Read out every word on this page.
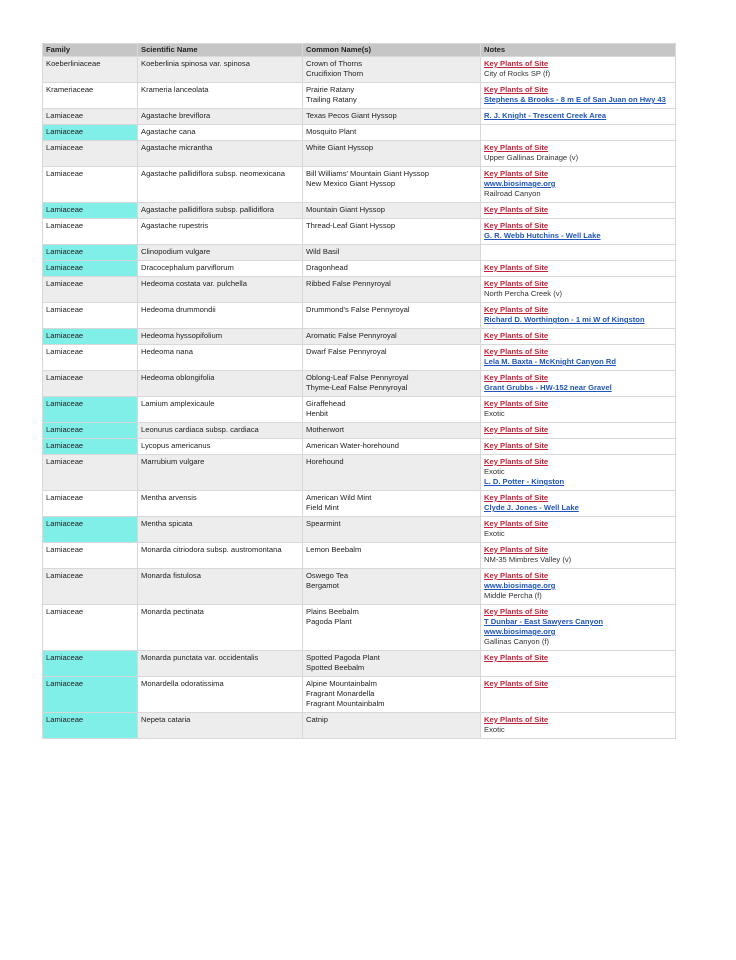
Family	Scientific Name	Common Name(s)	Notes
Koeberliniaceae	Koeberlinia spinosa var. spinosa	Crown of Thorns
Crucifixion Thorn	Key Plants of Site
City of Rocks SP (f)

Krameriaceae	Krameria lanceolata	Prairie Ratany
Trailing Ratany	Key Plants of Site
Stephens & Brooks - 8 m E of San Juan on Hwy 43

Lamiaceae	Agastache breviflora	Texas Pecos Giant Hyssop	R. J. Knight - Trescent Creek Area

Lamiaceae	Agastache cana	Mosquito Plant	

Lamiaceae	Agastache micrantha	White Giant Hyssop	Key Plants of Site
Upper Gallinas Drainage (v)

Lamiaceae	Agastache pallidiflora subsp. neomexicana	Bill Williams' Mountain Giant Hyssop
New Mexico Giant Hyssop	Key Plants of Site
www.biosimage.org
Railroad Canyon

Lamiaceae	Agastache pallidiflora subsp. pallidiflora	Mountain Giant Hyssop	Key Plants of Site

Lamiaceae	Agastache rupestris	Thread-Leaf Giant Hyssop	Key Plants of Site
G. R. Webb Hutchins - Well Lake

Lamiaceae	Clinopodium vulgare	Wild Basil	

Lamiaceae	Dracocephalum parviflorum	Dragonhead	Key Plants of Site

Lamiaceae	Hedeoma costata var. pulchella	Ribbed False Pennyroyal	Key Plants of Site
North Percha Creek (v)

Lamiaceae	Hedeoma drummondii	Drummond's False Pennyroyal	Key Plants of Site
Richard D. Worthington - 1 mi W of Kingston

Lamiaceae	Hedeoma hyssopifolium	Aromatic False Pennyroyal	Key Plants of Site

Lamiaceae	Hedeoma nana	Dwarf False Pennyroyal	Key Plants of Site
Lela M. Baxta - McKnight Canyon Rd

Lamiaceae	Hedeoma oblongifolia	Oblong-Leaf False Pennyroyal
Thyme-Leaf False Pennyroyal	Key Plants of Site
Grant Grubbs - HW-152 near Gravel

Lamiaceae	Lamium amplexicaule	Giraffehead
Henbit	Key Plants of Site
Exotic

Lamiaceae	Leonurus cardiaca subsp. cardiaca	Motherwort	Key Plants of Site

Lamiaceae	Lycopus americanus	American Water-horehound	Key Plants of Site

Lamiaceae	Marrubium vulgare	Horehound	Key Plants of Site
Exotic
L. D. Potter - Kingston

Lamiaceae	Mentha arvensis	American Wild Mint
Field Mint	Key Plants of Site
Clyde J. Jones - Well Lake

Lamiaceae	Mentha spicata	Spearmint	Key Plants of Site
Exotic

Lamiaceae	Monarda citriodora subsp. austromontana	Lemon Beebalm	Key Plants of Site
NM-35 Mimbres Valley (v)

Lamiaceae	Monarda fistulosa	Oswego Tea
Bergamot	Key Plants of Site
www.biosimage.org
Middle Percha (f)

Lamiaceae	Monarda pectinata	Plains Beebalm
Pagoda Plant	Key Plants of Site
T Dunbar - East Sawyers Canyon
www.biosimage.org
Gallinas Canyon (f)

Lamiaceae	Monarda punctata var. occidentalis	Spotted Pagoda Plant
Spotted Beebalm	Key Plants of Site

Lamiaceae	Monardella odoratissima	Alpine Mountainbalm
Fragrant Monardella
Fragrant Mountainbalm	Key Plants of Site

Lamiaceae	Nepeta cataria	Catnip	Key Plants of Site
Exotic
